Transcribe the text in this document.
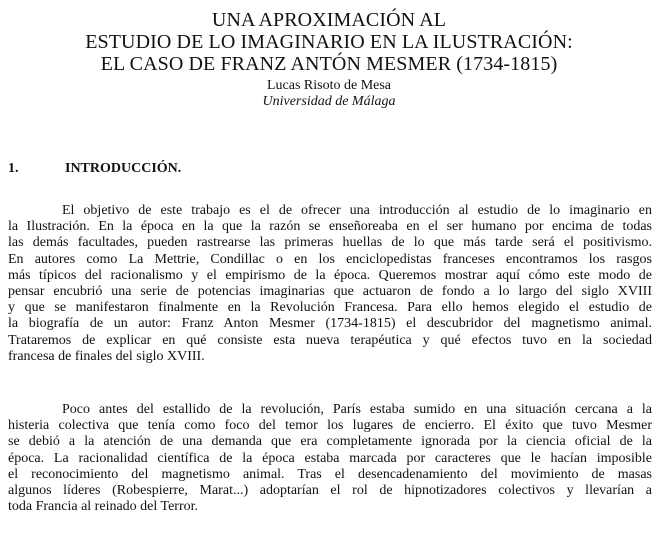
UNA APROXIMACIÓN AL
ESTUDIO DE LO IMAGINARIO EN LA ILUSTRACIÓN:
EL CASO DE FRANZ ANTÓN MESMER (1734-1815)
Lucas Risoto de Mesa
Universidad de Málaga
1.	INTRODUCCIÓN.

El objetivo de este trabajo es el de ofrecer una introducción al estudio de lo imaginario en
la Ilustración. En la época en la que la razón se enseñoreaba en el ser humano por encima de todas
las demás facultades, pueden rastrearse las primeras huellas de lo que más tarde será el positivismo.
En autores como La Mettrie, Condillac o en los enciclopedistas franceses encontramos los rasgos
más típicos del racionalismo y el empirismo de la época. Queremos mostrar aquí cómo este modo de
pensar encubrió una serie de potencias imaginarias que actuaron de fondo a lo largo del siglo XVIII
y que se manifestaron finalmente en la Revolución Francesa. Para ello hemos elegido el estudio de
la biografía de un autor: Franz Anton Mesmer (1734-1815) el descubridor del magnetismo animal.
Trataremos de explicar en qué consiste esta nueva terapéutica y qué efectos tuvo en la sociedad
francesa de finales del siglo XVIII.

Poco antes del estallido de la revolución, París estaba sumido en una situación cercana a la
histeria colectiva que tenía como foco del temor los lugares de encierro. El éxito que tuvo Mesmer
se debió a la atención de una demanda que era completamente ignorada por la ciencia oficial de la
época. La racionalidad científica de la época estaba marcada por caracteres que le hacían imposible
el reconocimiento del magnetismo animal. Tras el desencadenamiento del movimiento de masas
algunos líderes (Robespierre, Marat...) adoptarían el rol de hipnotizadores colectivos y llevarían a
toda Francia al reinado del Terror.
